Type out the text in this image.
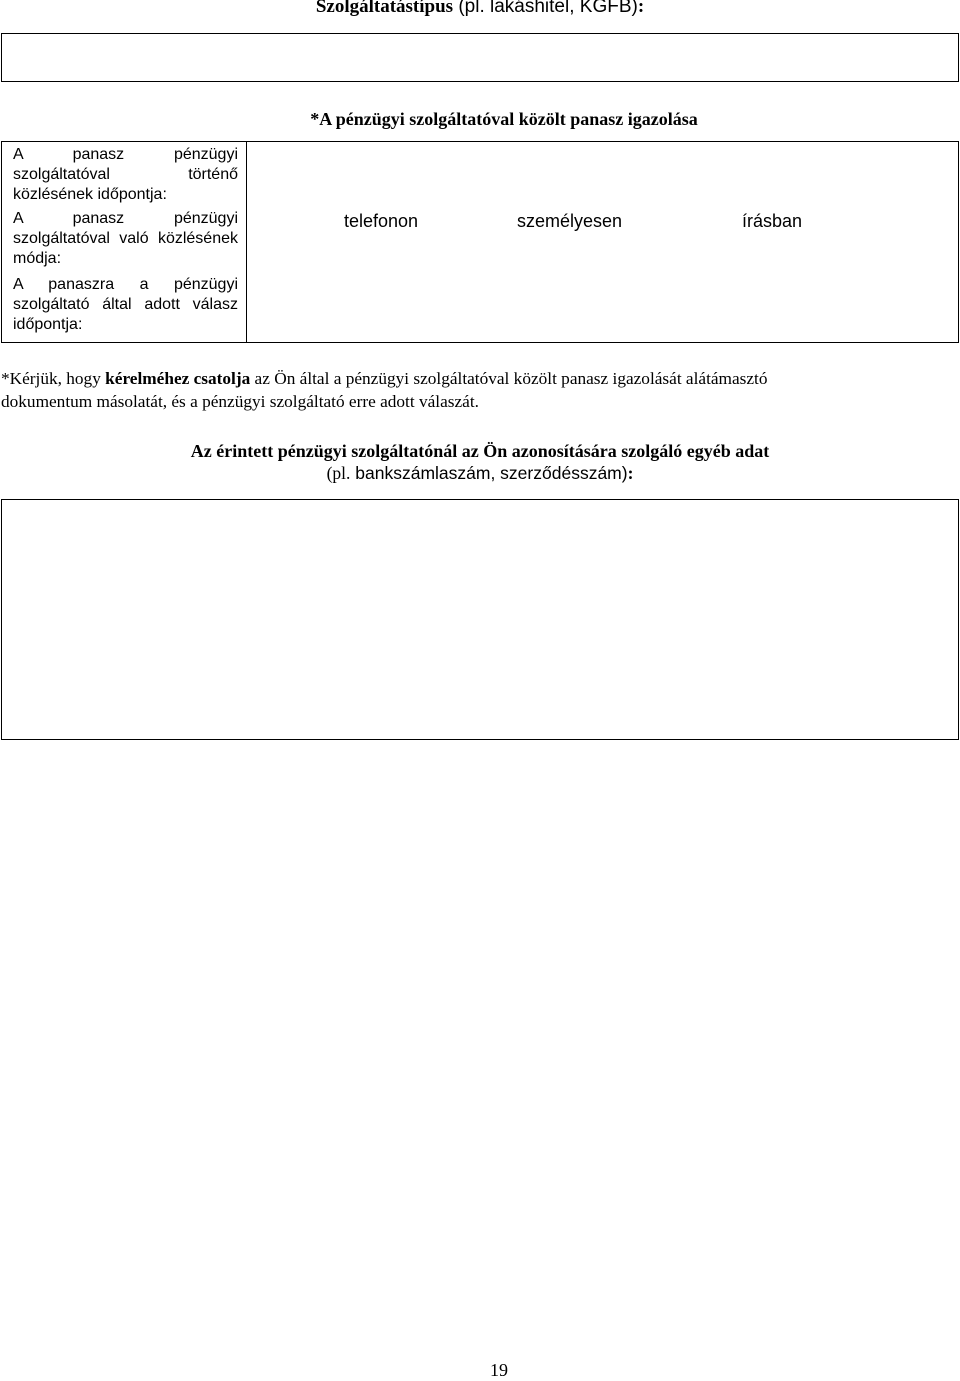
Szolgáltatástípus (pl. lakáshitel, KGFB):
*A pénzügyi szolgáltatóval közölt panasz igazolása
telefonon	személyesen	írásban
A panasz pénzügyi szolgáltatóval történő közlésének időpontja:
A panasz pénzügyi szolgáltatóval való közlésének módja:
A panaszra a pénzügyi szolgáltató által adott válasz időpontja:
*Kérjük, hogy kérelméhez csatolja az Ön által a pénzügyi szolgáltatóval közölt panasz igazolását alátámasztó
dokumentum másolatát, és a pénzügyi szolgáltató erre adott válaszát.
Az érintett pénzügyi szolgáltatónál az Ön azonosítására szolgáló egyéb adat
(pl. bankszámlaszám, szerződésszám):
19
